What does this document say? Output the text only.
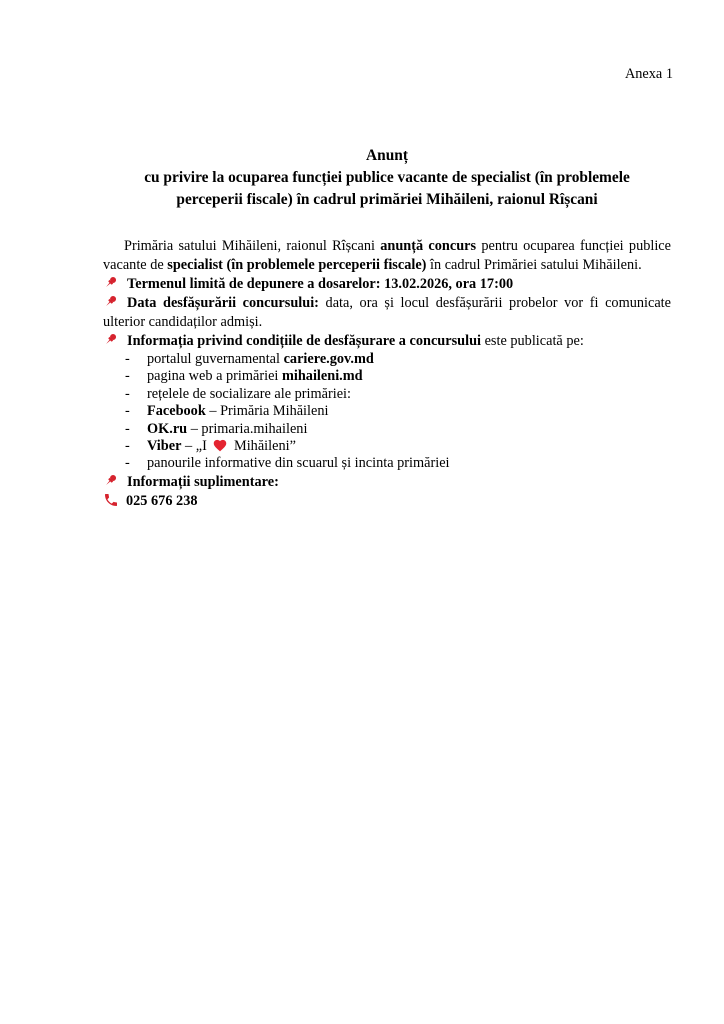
Anexa 1
Anunț
cu privire la ocuparea funcției publice vacante de specialist (în problemele
perceperii fiscale) în cadrul primăriei Mihăileni, raionul Rîșcani

Primăria satului Mihăileni, raionul Rîșcani anunță concurs pentru ocuparea funcției publice vacante de specialist (în problemele perceperii fiscale) în cadrul Primăriei satului Mihăileni.

Termenul limită de depunere a dosarelor: 13.02.2026, ora 17:00
Data desfășurării concursului: data, ora și locul desfășurării probelor vor fi comunicate ulterior candidaților admiși.
Informația privind condițiile de desfășurare a concursului este publicată pe:
- portalul guvernamental cariere.gov.md
- pagina web a primăriei mihaileni.md
- rețelele de socializare ale primăriei:
- Facebook – Primăria Mihăileni
- OK.ru – primaria.mihaileni
- Viber – „I  Mihăileni”
- panourile informative din scuarul și incinta primăriei
Informații suplimentare:
025 676 238
